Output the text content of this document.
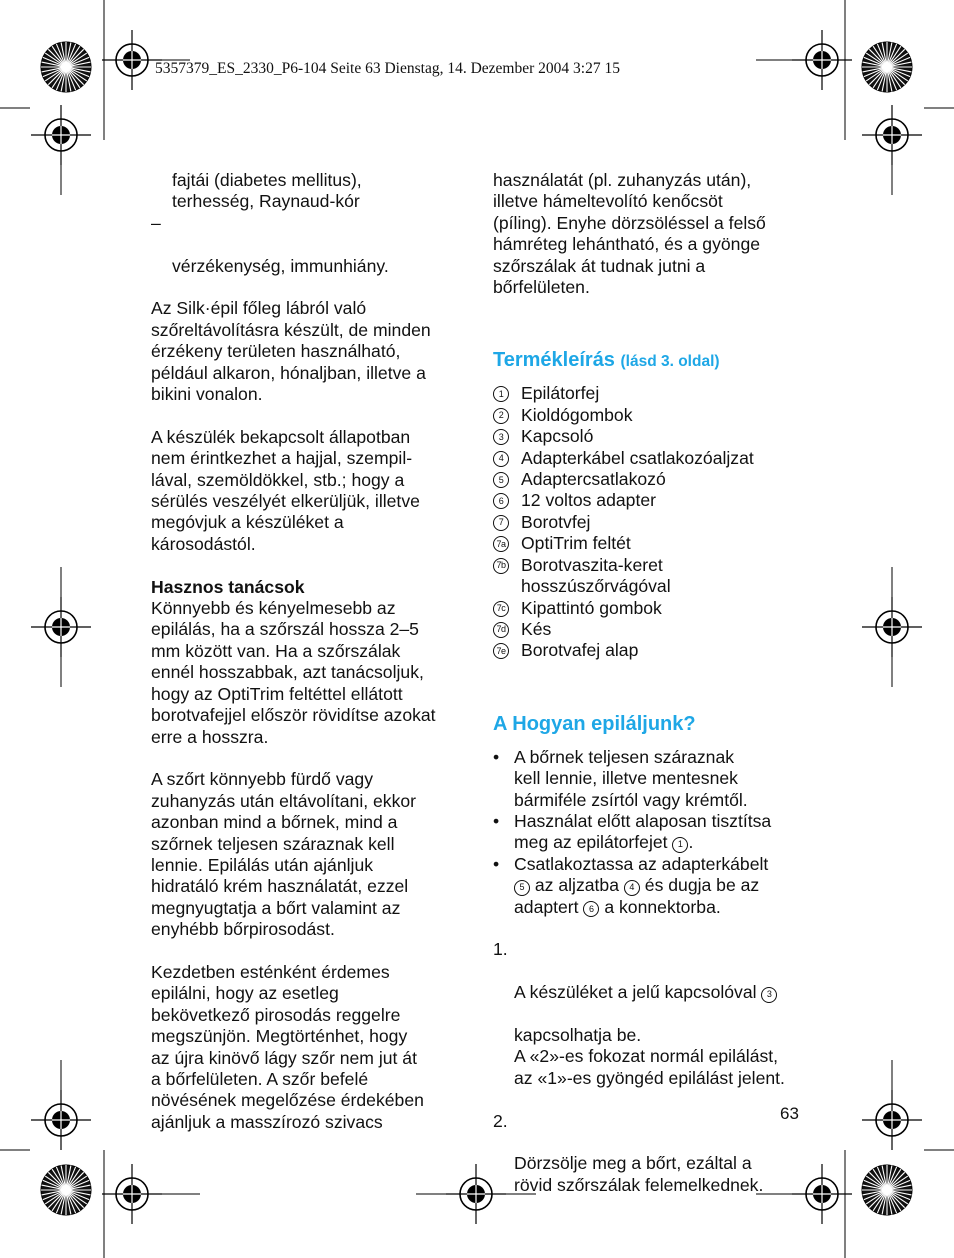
5357379_ES_2330_P6-104 Seite 63 Dienstag, 14. Dezember 2004 3:27 15
fajtái (diabetes mellitus),
terhesség, Raynaud-kór

–

vérzékenység, immunhiány.

Az Silk·épil főleg lábról való
szőreltávolításra készült, de minden
érzékeny területen használható,
például alkaron, hónaljban, illetve a
bikini vonalon.
A készülék bekapcsolt állapotban
nem érintkezhet a hajjal, szempil-
lával, szemöldökkel, stb.; hogy a
sérülés veszélyét elkerüljük, illetve
megóvjuk a készüléket a
károsodástól.
Hasznos tanácsok
Könnyebb és kényelmesebb az
epilálás, ha a szőrszál hossza 2–5
mm között van. Ha a szőrszálak
ennél hosszabbak, azt tanácsoljuk,
hogy az OptiTrim feltéttel ellátott
borotvafejjel először rövidítse azokat
erre a hosszra.
A szőrt könnyebb fürdő vagy
zuhanyzás után eltávolítani, ekkor
azonban mind a bőrnek, mind a
szőrnek teljesen száraznak kell
lennie. Epilálás után ajánljuk
hidratáló krém használatát, ezzel
megnyugtatja a bőrt valamint az
enyhébb bőrpirosodást.
Kezdetben esténként érdemes
epilálni, hogy az esetleg
bekövetkező pirosodás reggelre
megszünjön. Megtörténhet, hogy
az újra kinövő lágy szőr nem jut át
a bőrfelületen. A szőr befelé
növésének megelőzése érdekében
ajánljuk a masszírozó szivacs
használatát (pl. zuhanyzás után),
illetve hámeltevolító kenőcsöt
(píling). Enyhe dörzsöléssel a felső
hámréteg lehántható, és a gyönge
szőrszálak át tudnak jutni a
bőrfelületen.
Termékleírás (lásd 3. oldal)
1	Epilátorfej
2	Kioldógombok
3	Kapcsoló
4	Adapterkábel csatlakozóaljzat
5	Adaptercsatlakozó
6	12 voltos adapter
7	Borotvfej
7a OptiTrim feltét
7b Borotvaszita-keret
hosszúszőrvágóval
7c Kipattintó gombok
7d Kés
7e Borotvafej alap
A Hogyan epiláljunk?
• A bőrnek teljesen száraznak
kell lennie, illetve mentesnek
bármiféle zsírtól vagy krémtől.
• Használat előtt alaposan tisztítsa
meg az epilátorfejet 1 .
• Csatlakoztassa az adapterkábelt
5 az aljzatba 4 és dugja be az
adaptert 6 a konnektorba.

1.

A készüléket a jelű kapcsolóval 3

kapcsolhatja be.
A «2»-es fokozat normál epilálást,
az «1»-es gyöngéd epilálást jelent.

2.

Dörzsölje meg a bőrt, ezáltal a
rövid szőrszálak felemelkednek.

63
